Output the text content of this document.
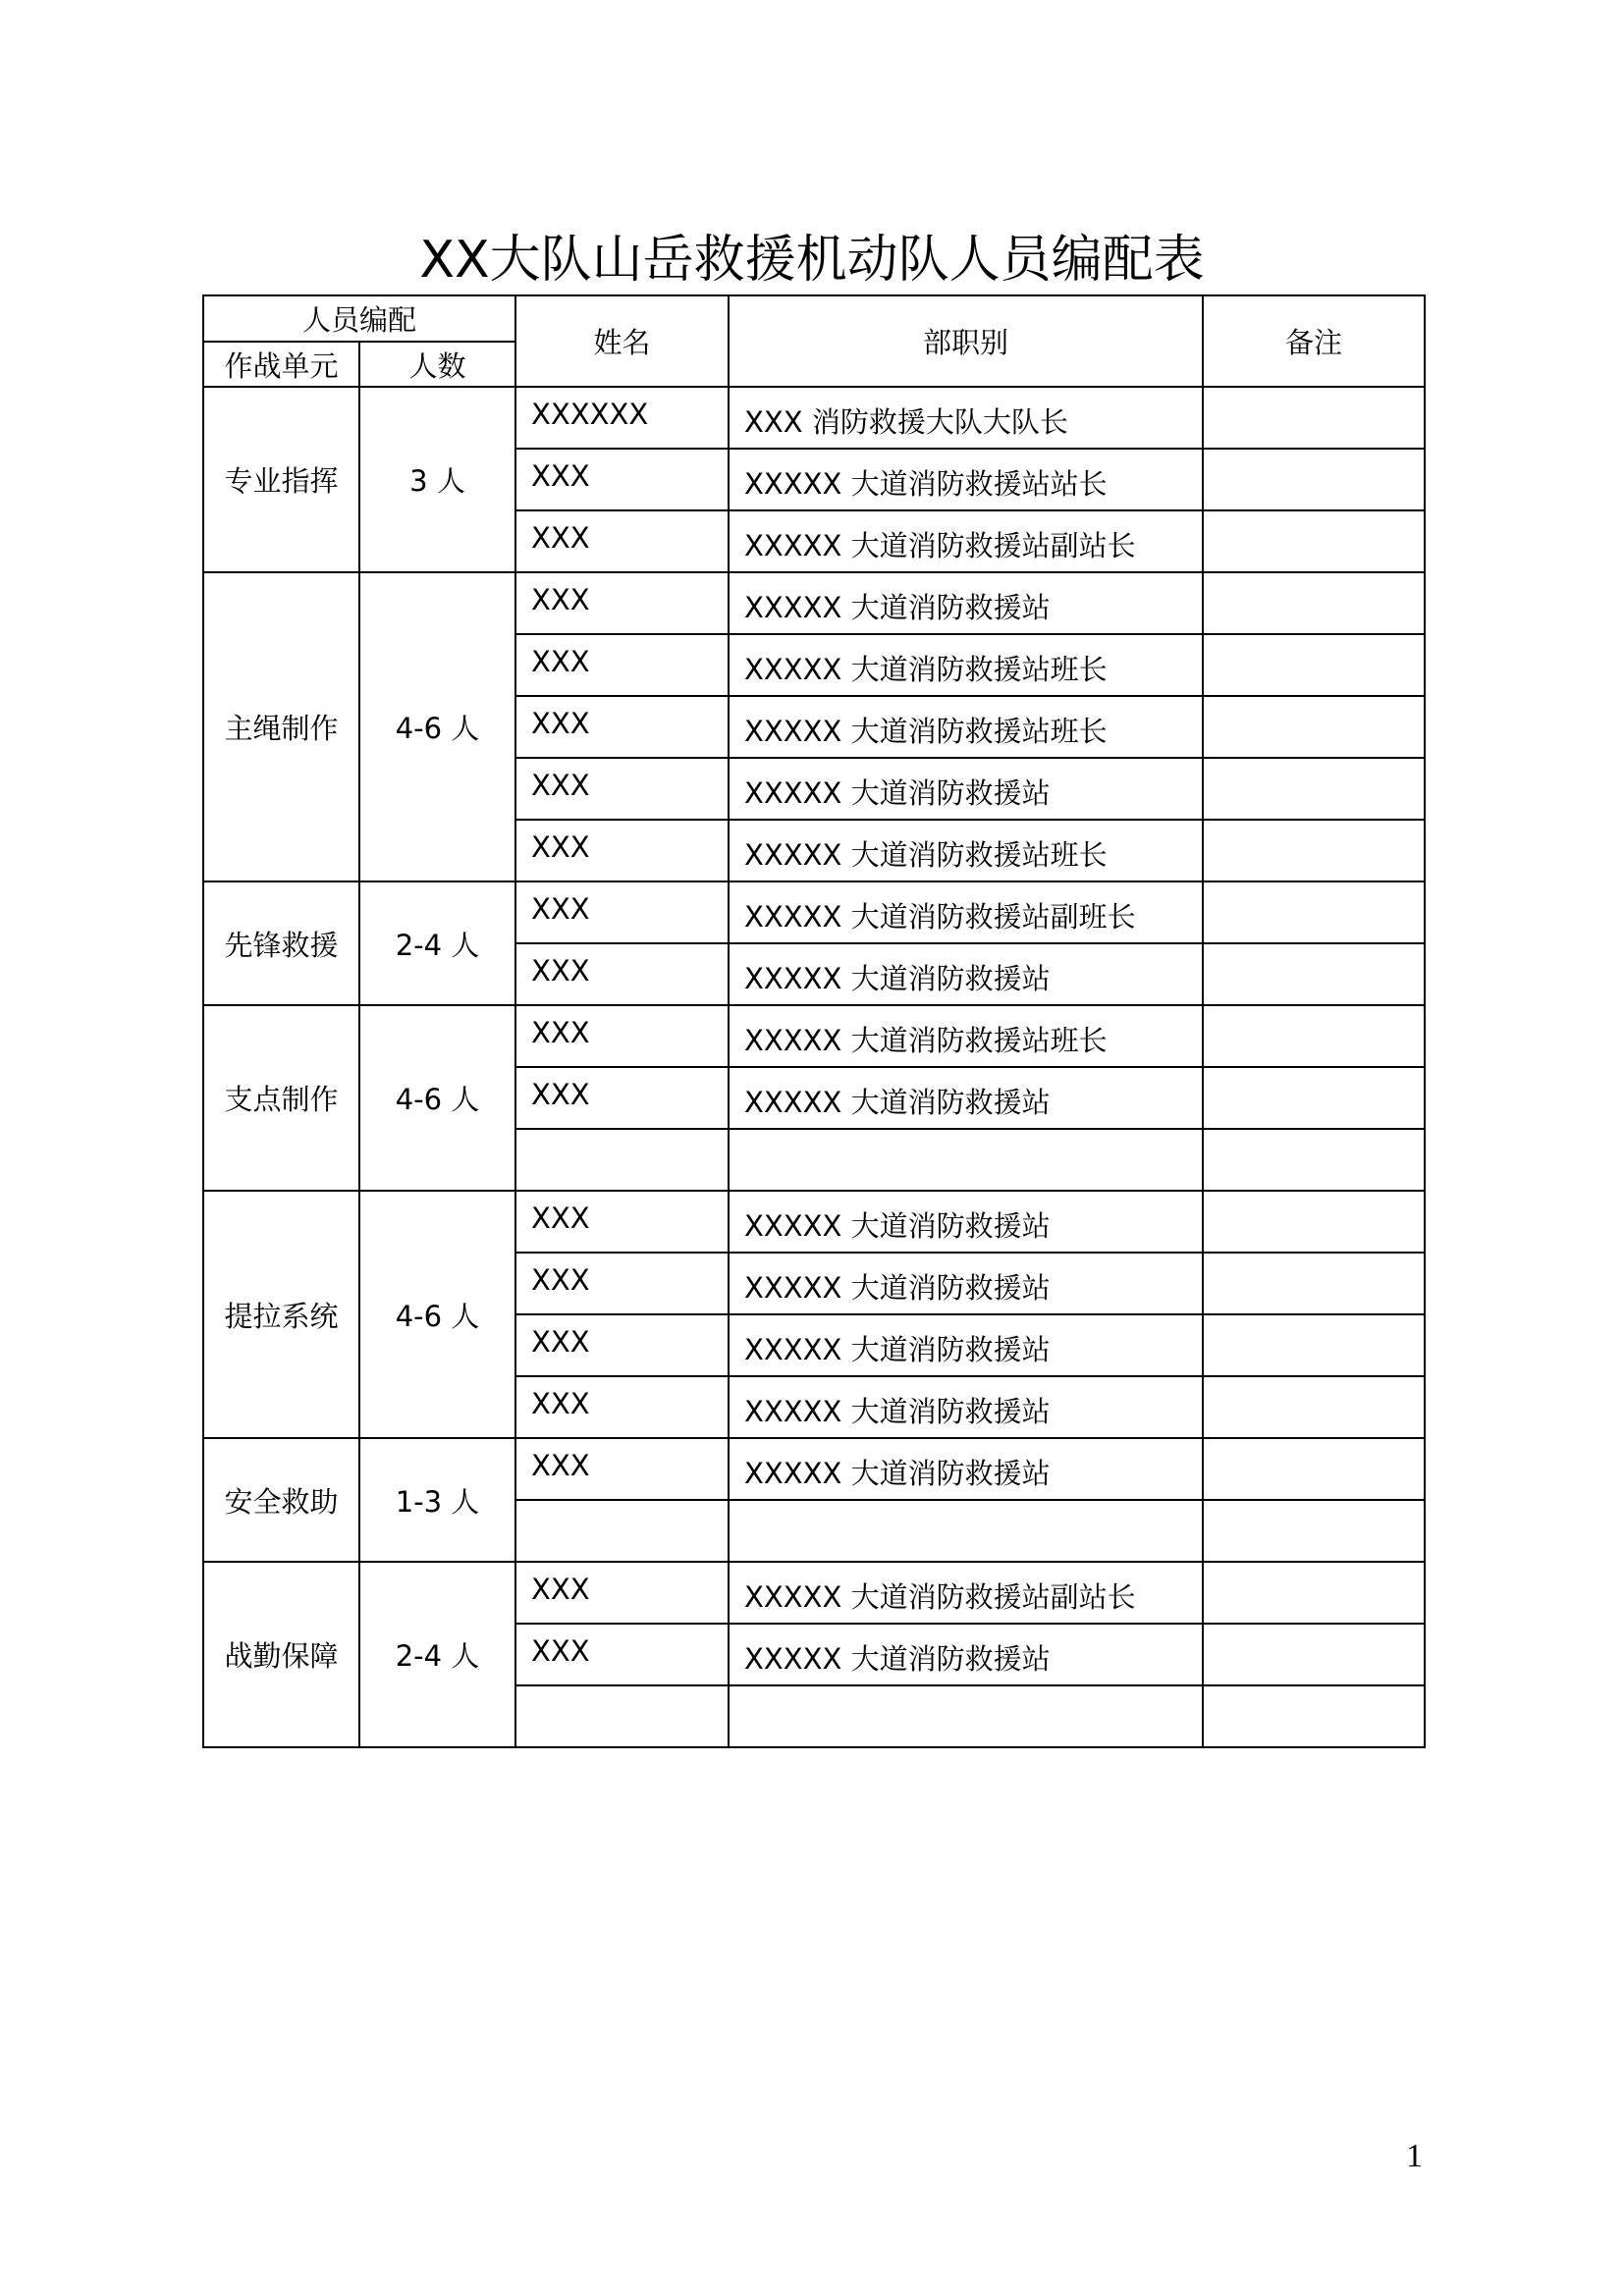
XX大队山岳救援机动队人员编配表
人员编配		姓名	部职别	备注
作战单元	人数			
专业指挥	3 人	XXXXXX	XXX 消防救援大队大队长	
		XXX	XXXXX 大道消防救援站站长	
		XXX	XXXXX 大道消防救援站副站长	
主绳制作	4-6 人	XXX	XXXXX 大道消防救援站	
		XXX	XXXXX 大道消防救援站班长	
		XXX	XXXXX 大道消防救援站班长	
		XXX	XXXXX 大道消防救援站	
		XXX	XXXXX 大道消防救援站班长	
先锋救援	2-4 人	XXX	XXXXX 大道消防救援站副班长	
		XXX	XXXXX 大道消防救援站	
支点制作	4-6 人	XXX	XXXXX 大道消防救援站班长	
		XXX	XXXXX 大道消防救援站	

提拉系统	4-6 人	XXX	XXXXX 大道消防救援站	
		XXX	XXXXX 大道消防救援站	
		XXX	XXXXX 大道消防救援站	
		XXX	XXXXX 大道消防救援站	
安全救助	1-3 人	XXX	XXXXX 大道消防救援站	

战勤保障	2-4 人	XXX	XXXXX 大道消防救援站副站长	
		XXX	XXXXX 大道消防救援站	

1
